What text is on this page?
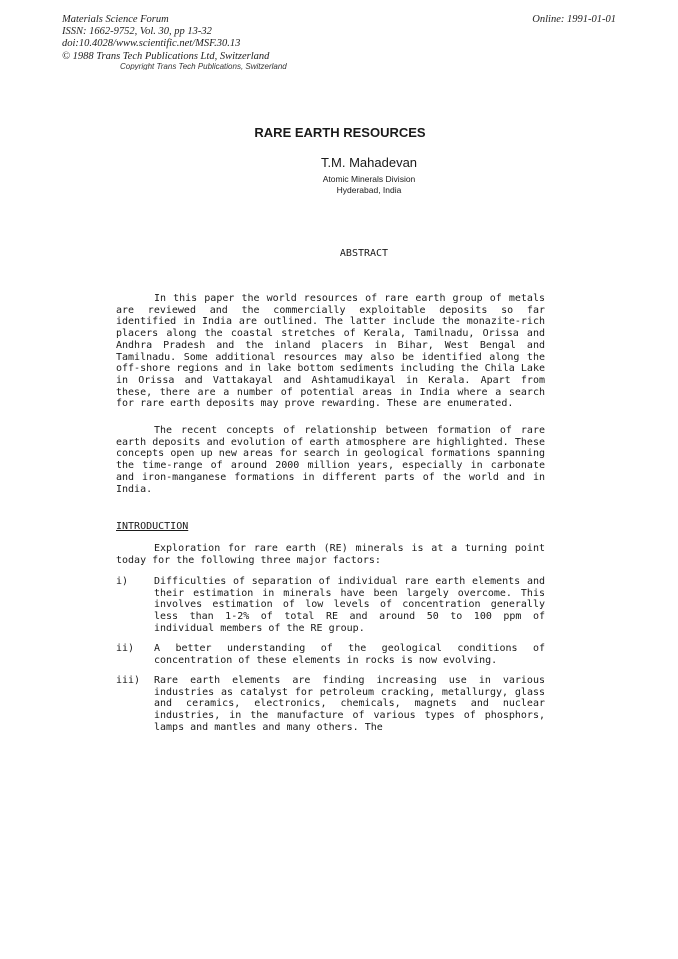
Materials Science Forum
ISSN: 1662-9752, Vol. 30, pp 13-32
doi:10.4028/www.scientific.net/MSF.30.13
© 1988 Trans Tech Publications Ltd, Switzerland
Online: 1991-01-01
Copyright Trans Tech Publications, Switzerland
RARE EARTH RESOURCES
T.M. Mahadevan
Atomic Minerals Division
Hyderabad, India
ABSTRACT

In this paper the world resources of rare earth group of metals are reviewed and the commercially exploitable deposits so far identified in India are outlined. The latter include the monazite-rich placers along the coastal stretches of Kerala, Tamilnadu, Orissa and Andhra Pradesh and the inland placers in Bihar, West Bengal and Tamilnadu. Some additional resources may also be identified along the off-shore regions and in lake bottom sediments including the Chila Lake in Orissa and Vattakayal and Ashtamudikayal in Kerala. Apart from these, there are a number of potential areas in India where a search for rare earth deposits may prove rewarding. These are enumerated.

The recent concepts of relationship between formation of rare earth deposits and evolution of earth atmosphere are highlighted. These concepts open up new areas for search in geological formations spanning the time-range of around 2000 million years, especially in carbonate and iron-manganese formations in different parts of the world and in India.

INTRODUCTION

Exploration for rare earth (RE) minerals is at a turning point today for the following three major factors:

i)	Difficulties of separation of individual rare earth elements and their estimation in minerals have been largely overcome. This involves estimation of low levels of concentration generally less than 1-2% of total RE and around 50 to 100 ppm of individual members of the RE group.
ii) A better understanding of the geological conditions of concentration of these elements in rocks is now evolving.
iii) Rare earth elements are finding increasing use in various industries as catalyst for petroleum cracking, metallurgy, glass and ceramics, electronics, chemicals, magnets and nuclear industries, in the manufacture of various types of phosphors, lamps and mantles and many others. The
